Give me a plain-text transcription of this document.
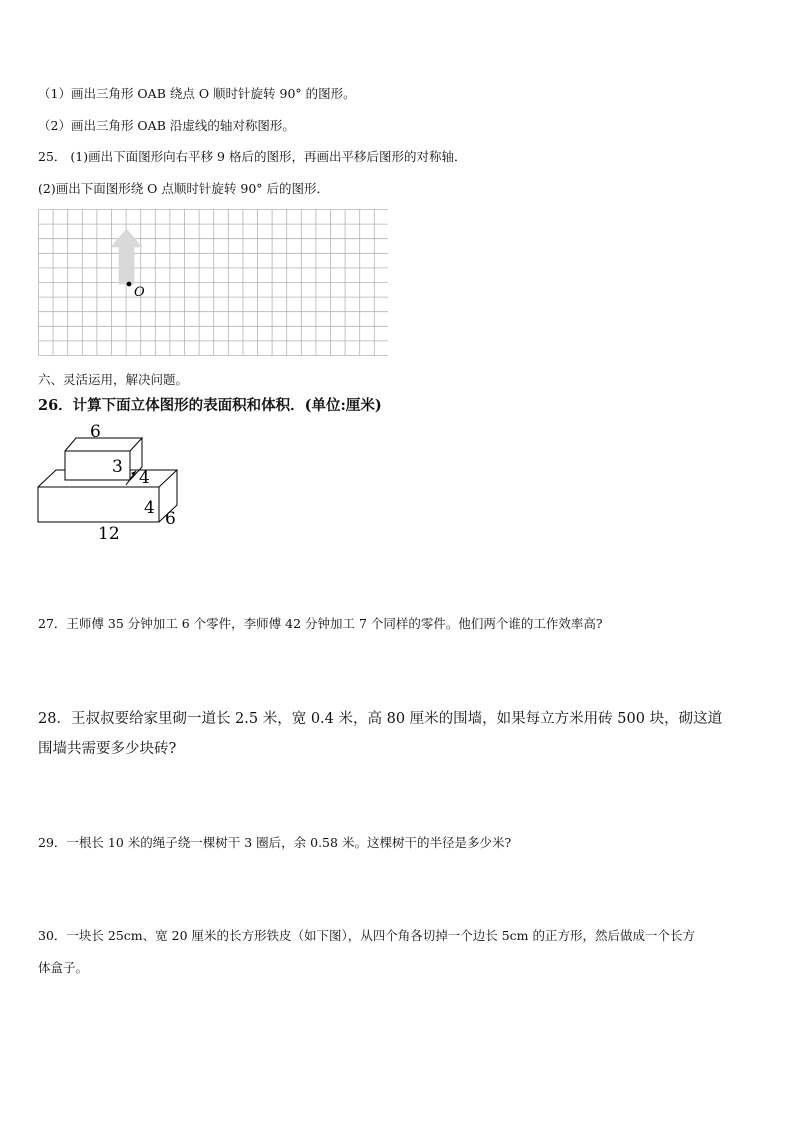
（1）画出三角形 OAB 绕点 O 顺时针旋转 90° 的图形。
（2）画出三角形 OAB 沿虚线的轴对称图形。
25． (1)画出下面图形向右平移 9 格后的图形，再画出平移后图形的对称轴．
(2)画出下面图形绕 O 点顺时针旋转 90° 后的图形．
O
六、灵活运用，解决问题。
26．计算下面立体图形的表面积和体积．(单位:厘米)
6
3
4
4
6
12
27．王师傅 35 分钟加工 6 个零件，李师傅 42 分钟加工 7 个同样的零件。他们两个谁的工作效率高?
28．王叔叔要给家里砌一道长 2.5 米，宽 0.4 米，高 80 厘米的围墙，如果每立方米用砖 500 块，砌这道
围墙共需要多少块砖?
29．一根长 10 米的绳子绕一棵树干 3 圈后，余 0.58 米。这棵树干的半径是多少米?
30．一块长 25cm、宽 20 厘米的长方形铁皮（如下图），从四个角各切掉一个边长 5cm 的正方形，然后做成一个长方
体盒子。
